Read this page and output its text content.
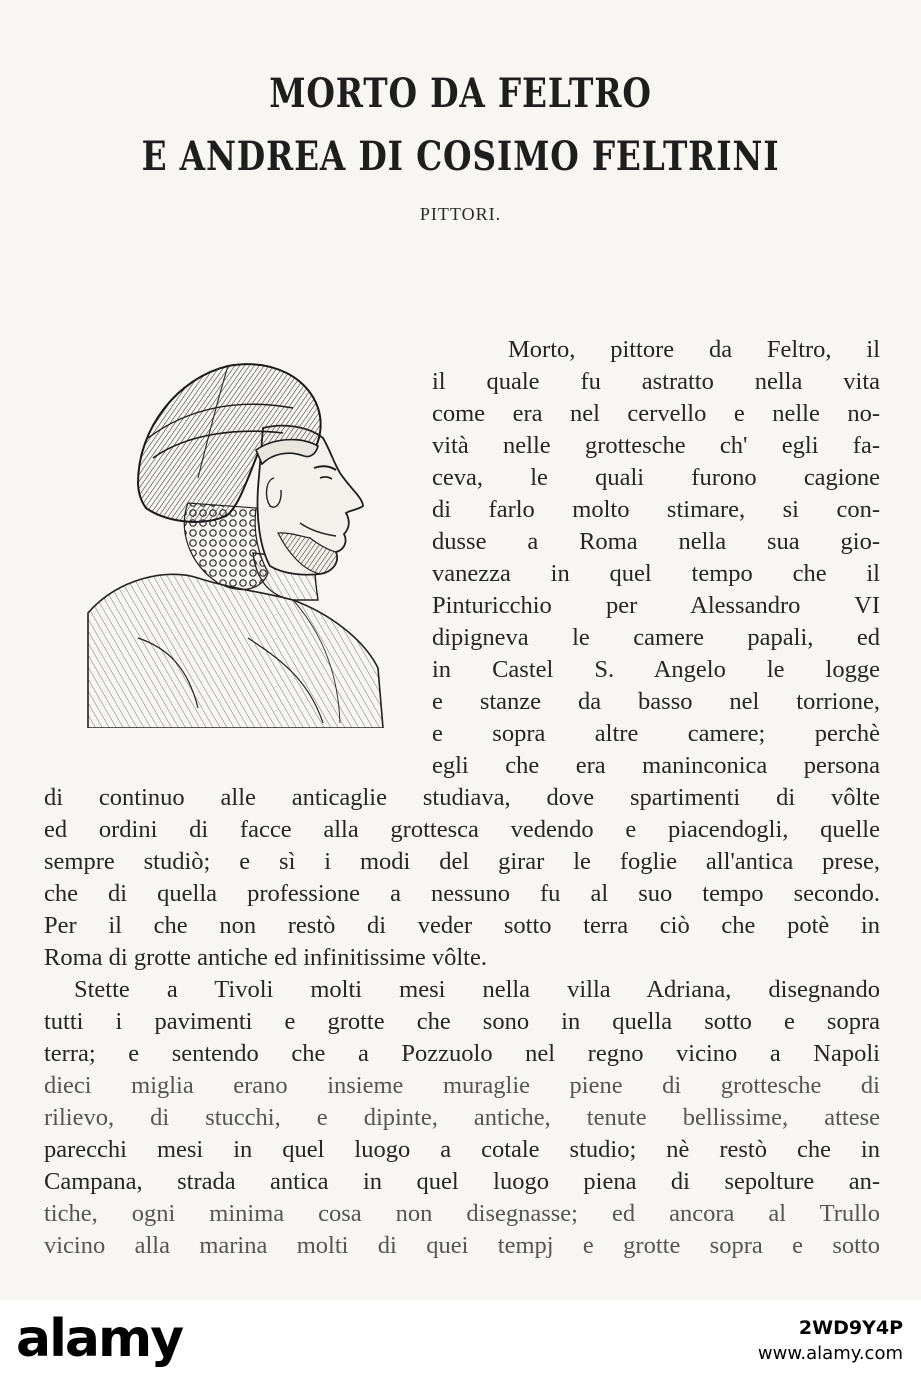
MORTO DA FELTRO
E ANDREA DI COSIMO FELTRINI
PITTORI.
Morto, pittore da Feltro, il
il quale fu astratto nella vita
come era nel cervello e nelle no-
vità nelle grottesche ch' egli fa-
ceva, le quali furono cagione
di farlo molto stimare, si con-
dusse a Roma nella sua gio-
vanezza in quel tempo che il
Pinturicchio per Alessandro VI
dipigneva le camere papali, ed
in Castel S. Angelo le logge
e stanze da basso nel torrione,
e sopra altre camere; perchè
egli che era maninconica persona
di continuo alle anticaglie studiava, dove spartimenti di vôlte
ed ordini di facce alla grottesca vedendo e piacendogli, quelle
sempre studiò; e sì i modi del girar le foglie all'antica prese,
che di quella professione a nessuno fu al suo tempo secondo.
Per il che non restò di veder sotto terra ciò che potè in
Roma di grotte antiche ed infinitissime vôlte.
Stette a Tivoli molti mesi nella villa Adriana, disegnando
tutti i pavimenti e grotte che sono in quella sotto e sopra
terra; e sentendo che a Pozzuolo nel regno vicino a Napoli
dieci miglia erano insieme muraglie piene di grottesche di
rilievo, di stucchi, e dipinte, antiche, tenute bellissime, attese
parecchi mesi in quel luogo a cotale studio; nè restò che in
Campana, strada antica in quel luogo piena di sepolture an-
tiche, ogni minima cosa non disegnasse; ed ancora al Trullo
vicino alla marina molti di quei tempj e grotte sopra e sotto
alamy	2WD9Y4P
www.alamy.com
